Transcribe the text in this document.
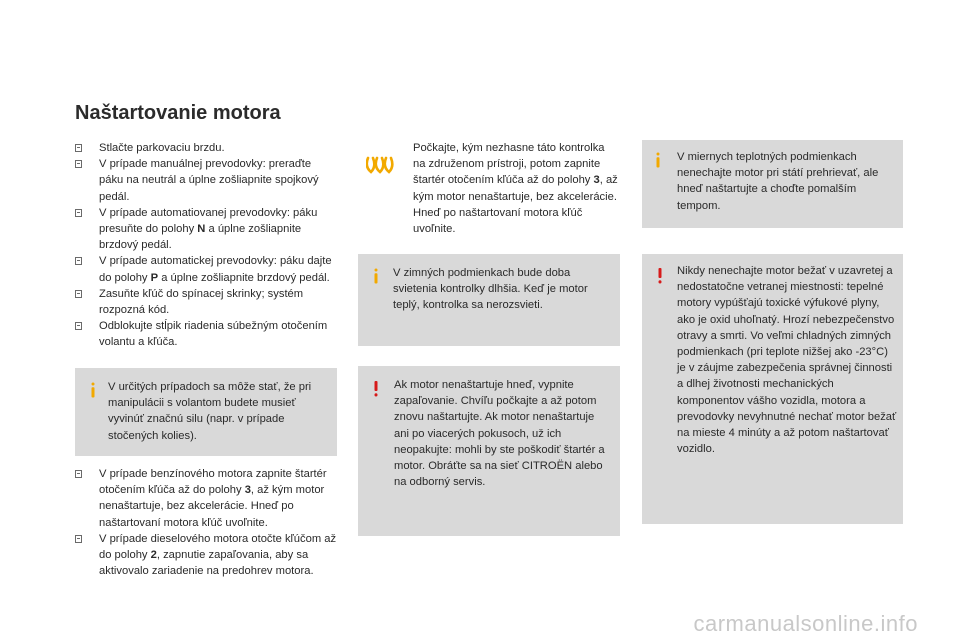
Naštartovanie motora
Stlačte parkovaciu brzdu.
V prípade manuálnej prevodovky: preraďte páku na neutrál a úplne zošliapnite spojkový pedál.
V prípade automatiovanej prevodovky: páku presuňte do polohy N a úplne zošliapnite brzdový pedál.
V prípade automatickej prevodovky: páku dajte do polohy P a úplne zošliapnite brzdový pedál.
Zasuňte kľúč do spínacej skrinky; systém rozpozná kód.
Odblokujte stĺpik riadenia súbežným otočením volantu a kľúča.
V určitých prípadoch sa môže stať, že pri manipulácii s volantom budete musieť vyvinúť značnú silu (napr. v prípade stočených kolies).
V prípade benzínového motora zapnite štartér otočením kľúča až do polohy 3, až kým motor nenaštartuje, bez akcelerácie. Hneď po naštartovaní motora kľúč uvoľnite.
V prípade dieselového motora otočte kľúčom až do polohy 2, zapnutie zapaľovania, aby sa aktivovalo zariadenie na predohrev motora.
Počkajte, kým nezhasne táto kontrolka na združenom prístroji, potom zapnite štartér otočením kľúča až do polohy 3, až kým motor nenaštartuje, bez akcelerácie. Hneď po naštartovaní motora kľúč uvoľnite.
V zimných podmienkach bude doba svietenia kontrolky dlhšia. Keď je motor teplý, kontrolka sa nerozsvieti.
Ak motor nenaštartuje hneď, vypnite zapaľovanie. Chvíľu počkajte a až potom znovu naštartujte. Ak motor nenaštartuje ani po viacerých pokusoch, už ich neopakujte: mohli by ste poškodiť štartér a motor. Obráťte sa na sieť CITROËN alebo na odborný servis.
V miernych teplotných podmienkach nenechajte motor pri státí prehrievať, ale hneď naštartujte a choďte pomalším tempom.
Nikdy nenechajte motor bežať v uzavretej a nedostatočne vetranej miestnosti: tepelné motory vypúšťajú toxické výfukové plyny, ako je oxid uhoľnatý. Hrozí nebezpečenstvo otravy a smrti. Vo veľmi chladných zimných podmienkach (pri teplote nižšej ako -23°C) je v záujme zabezpečenia správnej činnosti a dlhej životnosti mechanických komponentov vášho vozidla, motora a prevodovky nevyhnutné nechať motor bežať na mieste 4 minúty a až potom naštartovať vozidlo.
carmanualsonline.info
